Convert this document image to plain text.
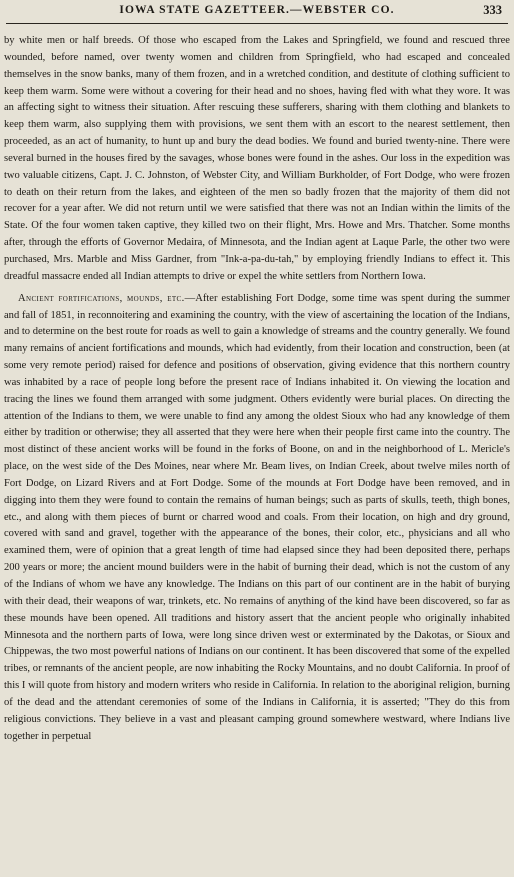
IOWA STATE GAZETTEER.—WEBSTER CO.	333

by white men or half breeds. Of those who escaped from the Lakes and Springfield, we found and rescued three wounded, before named, over twenty women and children from Springfield, who had escaped and concealed themselves in the snow banks, many of them frozen, and in a wretched condition, and destitute of clothing sufficient to keep them warm. Some were without a covering for their head and no shoes, having fled with what they wore. It was an affecting sight to witness their situation. After rescuing these sufferers, sharing with them clothing and blankets to keep them warm, also supplying them with provisions, we sent them with an escort to the nearest settlement, then proceeded, as an act of humanity, to hunt up and bury the dead bodies. We found and buried twenty-nine. There were several burned in the houses fired by the savages, whose bones were found in the ashes. Our loss in the expedition was two valuable citizens, Capt. J. C. Johnston, of Webster City, and William Burkholder, of Fort Dodge, who were frozen to death on their return from the lakes, and eighteen of the men so badly frozen that the majority of them did not recover for a year after. We did not return until we were satisfied that there was not an Indian within the limits of the State. Of the four women taken captive, they killed two on their flight, Mrs. Howe and Mrs. Thatcher. Some months after, through the efforts of Governor Medaira, of Minnesota, and the Indian agent at Laque Parle, the other two were purchased, Mrs. Marble and Miss Gardner, from "Ink-a-pa-du-tah," by employing friendly Indians to effect it. This dreadful massacre ended all Indian attempts to drive or expel the white settlers from Northern Iowa.

Ancient fortifications, mounds, etc.—After establishing Fort Dodge, some time was spent during the summer and fall of 1851, in reconnoitering and examining the country, with the view of ascertaining the location of the Indians, and to determine on the best route for roads as well to gain a knowledge of streams and the country generally. We found many remains of ancient fortifications and mounds, which had evidently, from their location and construction, been (at some very remote period) raised for defence and positions of observation, giving evidence that this northern country was inhabited by a race of people long before the present race of Indians inhabited it. On viewing the location and tracing the lines we found them arranged with some judgment. Others evidently were burial places. On directing the attention of the Indians to them, we were unable to find any among the oldest Sioux who had any knowledge of them either by tradition or otherwise; they all asserted that they were here when their people first came into the country. The most distinct of these ancient works will be found in the forks of Boone, on and in the neighborhood of L. Mericle's place, on the west side of the Des Moines, near where Mr. Beam lives, on Indian Creek, about twelve miles north of Fort Dodge, on Lizard Rivers and at Fort Dodge. Some of the mounds at Fort Dodge have been removed, and in digging into them they were found to contain the remains of human beings; such as parts of skulls, teeth, thigh bones, etc., and along with them pieces of burnt or charred wood and coals. From their location, on high and dry ground, covered with sand and gravel, together with the appearance of the bones, their color, etc., physicians and all who examined them, were of opinion that a great length of time had elapsed since they had been deposited there, perhaps 200 years or more; the ancient mound builders were in the habit of burning their dead, which is not the custom of any of the Indians of whom we have any knowledge. The Indians on this part of our continent are in the habit of burying with their dead, their weapons of war, trinkets, etc. No remains of anything of the kind have been discovered, so far as these mounds have been opened. All traditions and history assert that the ancient people who originally inhabited Minnesota and the northern parts of Iowa, were long since driven west or exterminated by the Dakotas, or Sioux and Chippewas, the two most powerful nations of Indians on our continent. It has been discovered that some of the expelled tribes, or remnants of the ancient people, are now inhabiting the Rocky Mountains, and no doubt California. In proof of this I will quote from history and modern writers who reside in California. In relation to the aboriginal religion, burning of the dead and the attendant ceremonies of some of the Indians in California, it is asserted; "They do this from religious convictions. They believe in a vast and pleasant camping ground somewhere westward, where Indians live together in perpetual
